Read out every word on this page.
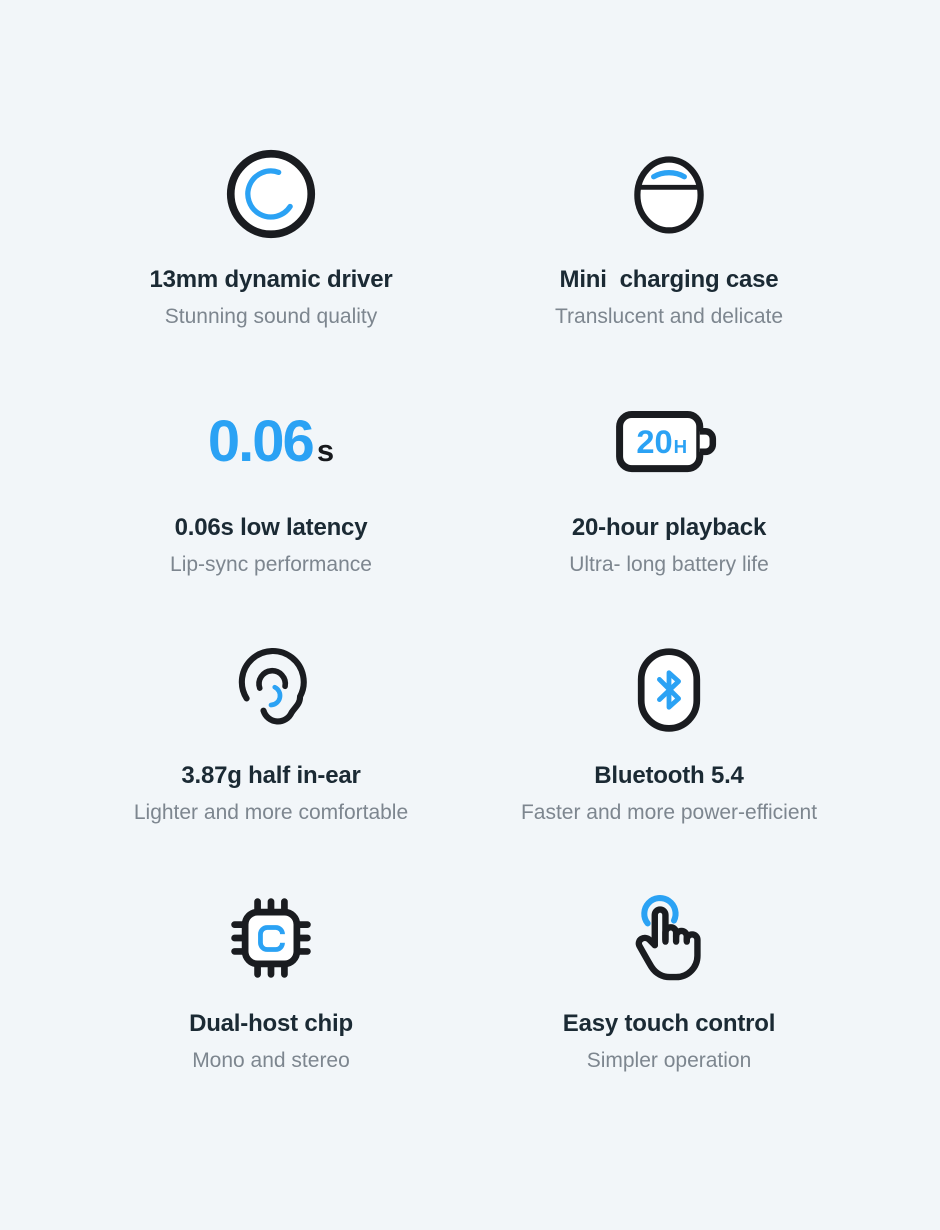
13mm dynamic driver
Stunning sound quality
Mini  charging case
Translucent and delicate
0.06 s
0.06s low latency
Lip-sync performance
20 H
20-hour playback
Ultra- long battery life
3.87g half in-ear
Lighter and more comfortable
Bluetooth 5.4
Faster and more power-efficient
Dual-host chip
Mono and stereo
Easy touch control
Simpler operation
